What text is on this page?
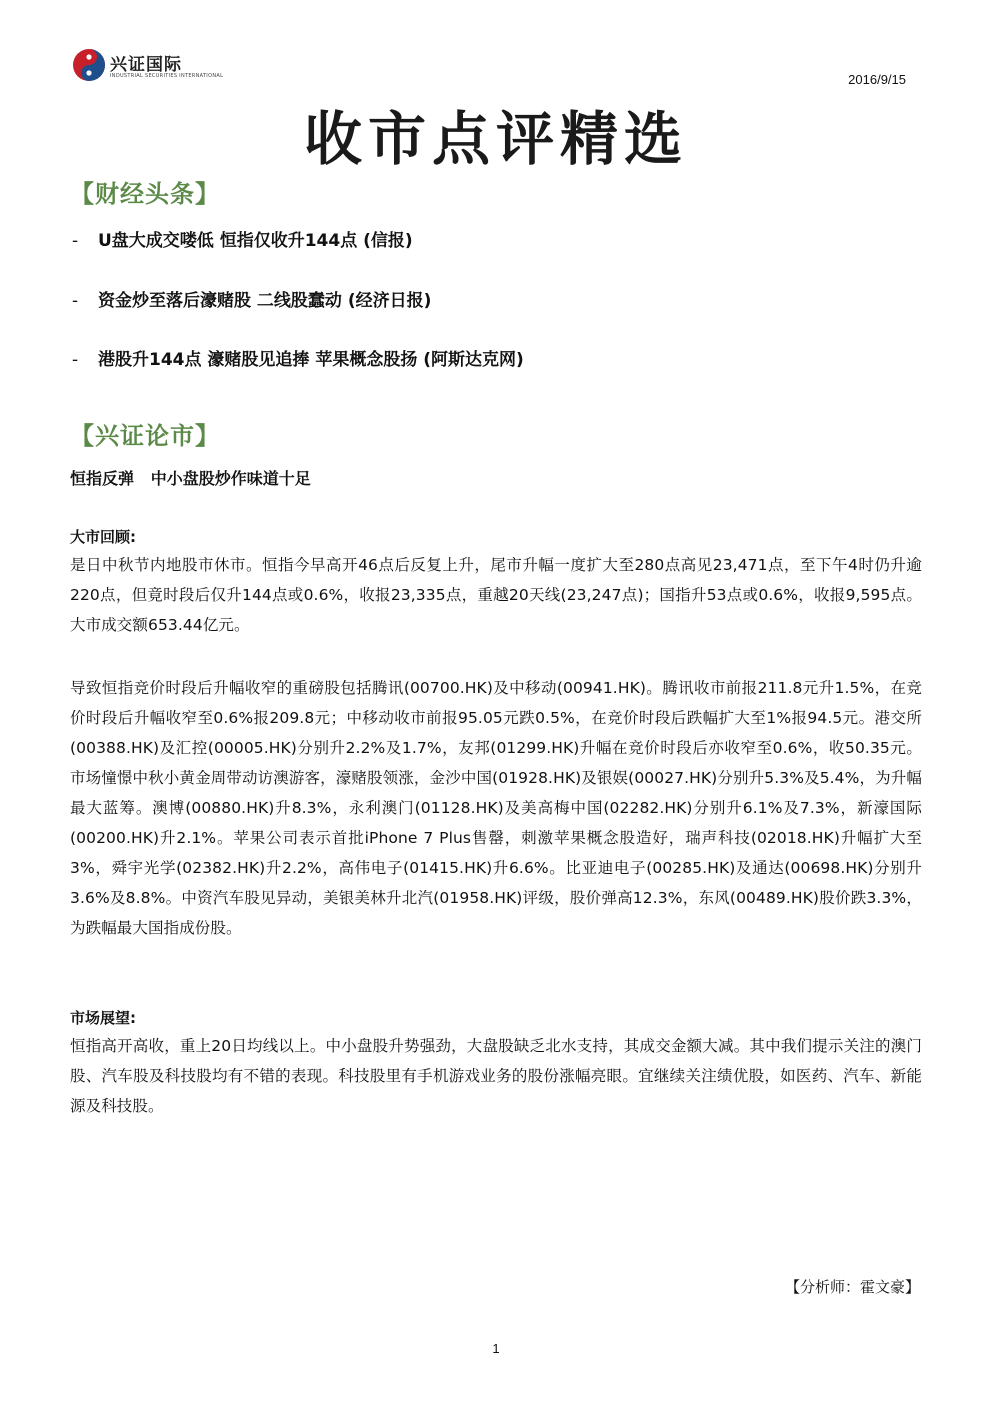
兴证国际
INDUSTRIAL SECURITIES INTERNATIONAL	2016/9/15
收市点评精选
【财经头条】
- U盘大成交喽低 恒指仅收升144点 (信报)
- 资金炒至落后濠赌股 二线股蠢动 (经济日报)
- 港股升144点 濠赌股见追捧 苹果概念股扬 (阿斯达克网)
【兴证论市】
恒指反弹   中小盘股炒作味道十足
大市回顾:
是日中秋节内地股市休市。恒指今早高开46点后反复上升，尾市升幅一度扩大至280点高见23,471点，至下午4时仍升逾220点，但竟时段后仅升144点或0.6%，收报23,335点，重越20天线(23,247点)；国指升53点或0.6%，收报9,595点。大市成交额653.44亿元。
导致恒指竞价时段后升幅收窄的重磅股包括腾讯(00700.HK)及中移动(00941.HK)。腾讯收市前报211.8元升1.5%，在竞价时段后升幅收窄至0.6%报209.8元；中移动收市前报95.05元跌0.5%，在竞价时段后跌幅扩大至1%报94.5元。港交所(00388.HK)及汇控(00005.HK)分别升2.2%及1.7%，友邦(01299.HK)升幅在竞价时段后亦收窄至0.6%，收50.35元。市场憧憬中秋小黄金周带动访澳游客，濠赌股领涨，金沙中国(01928.HK)及银娱(00027.HK)分别升5.3%及5.4%，为升幅最大蓝筹。澳博(00880.HK)升8.3%，永利澳门(01128.HK)及美高梅中国(02282.HK)分别升6.1%及7.3%，新濠国际(00200.HK)升2.1%。苹果公司表示首批iPhone 7 Plus售罄，刺激苹果概念股造好，瑞声科技(02018.HK)升幅扩大至3%，舜宇光学(02382.HK)升2.2%，高伟电子(01415.HK)升6.6%。比亚迪电子(00285.HK)及通达(00698.HK)分别升3.6%及8.8%。中资汽车股见异动，美银美林升北汽(01958.HK)评级，股价弹高12.3%，东风(00489.HK)股价跌3.3%，为跌幅最大国指成份股。
市场展望:
恒指高开高收，重上20日均线以上。中小盘股升势强劲，大盘股缺乏北水支持，其成交金额大减。其中我们提示关注的澳门股、汽车股及科技股均有不错的表现。科技股里有手机游戏业务的股份涨幅亮眼。宜继续关注绩优股，如医药、汽车、新能源及科技股。
【分析师：霍文豪】
1
